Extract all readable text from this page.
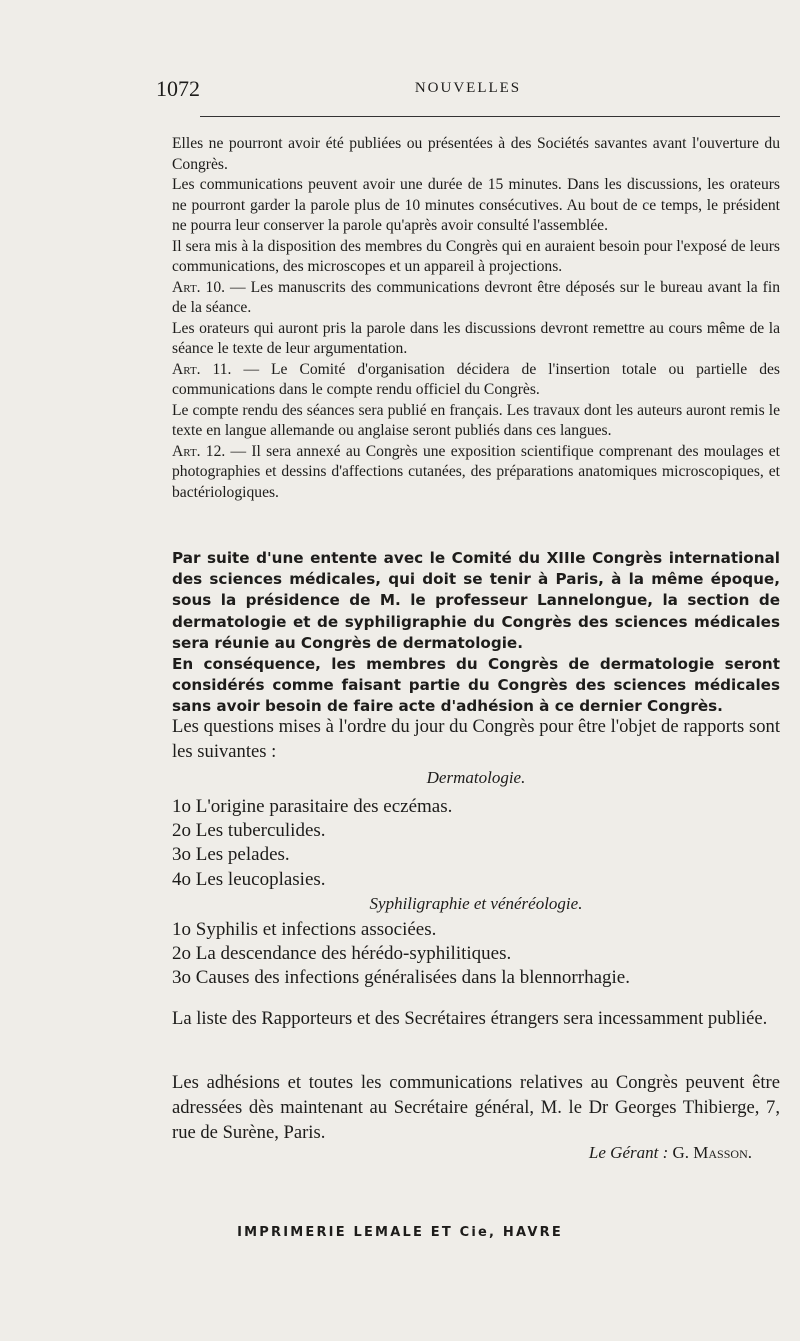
1072	NOUVELLES

Elles ne pourront avoir été publiées ou présentées à des Sociétés savantes avant l'ouverture du Congrès.

Les communications peuvent avoir une durée de 15 minutes. Dans les discussions, les orateurs ne pourront garder la parole plus de 10 minutes consécutives. Au bout de ce temps, le président ne pourra leur conserver la parole qu'après avoir consulté l'assemblée.

Il sera mis à la disposition des membres du Congrès qui en auraient besoin pour l'exposé de leurs communications, des microscopes et un appareil à projections.

Art. 10. — Les manuscrits des communications devront être déposés sur le bureau avant la fin de la séance.

Les orateurs qui auront pris la parole dans les discussions devront remettre au cours même de la séance le texte de leur argumentation.

Art. 11. — Le Comité d'organisation décidera de l'insertion totale ou partielle des communications dans le compte rendu officiel du Congrès.

Le compte rendu des séances sera publié en français. Les travaux dont les auteurs auront remis le texte en langue allemande ou anglaise seront publiés dans ces langues.

Art. 12. — Il sera annexé au Congrès une exposition scientifique comprenant des moulages et photographies et dessins d'affections cutanées, des préparations anatomiques microscopiques, et bactériologiques.

Par suite d'une entente avec le Comité du XIIIe Congrès international des sciences médicales, qui doit se tenir à Paris, à la même époque, sous la présidence de M. le professeur Lannelongue, la section de dermatologie et de syphiligraphie du Congrès des sciences médicales sera réunie au Congrès de dermatologie.

En conséquence, les membres du Congrès de dermatologie seront considérés comme faisant partie du Congrès des sciences médicales sans avoir besoin de faire acte d'adhésion à ce dernier Congrès.

Les questions mises à l'ordre du jour du Congrès pour être l'objet de rapports sont les suivantes :

Dermatologie.
1o L'origine parasitaire des eczémas.
2o Les tuberculides.
3o Les pelades.
4o Les leucoplasies.
Syphiligraphie et vénéréologie.
1o Syphilis et infections associées.
2o La descendance des hérédo-syphilitiques.
3o Causes des infections généralisées dans la blennorrhagie.

La liste des Rapporteurs et des Secrétaires étrangers sera incessamment publiée.

Les adhésions et toutes les communications relatives au Congrès peuvent être adressées dès maintenant au Secrétaire général, M. le Dr Georges Thibierge, 7, rue de Surène, Paris.

Le Gérant : G. Masson.
IMPRIMERIE LEMALE ET Cie, HAVRE
